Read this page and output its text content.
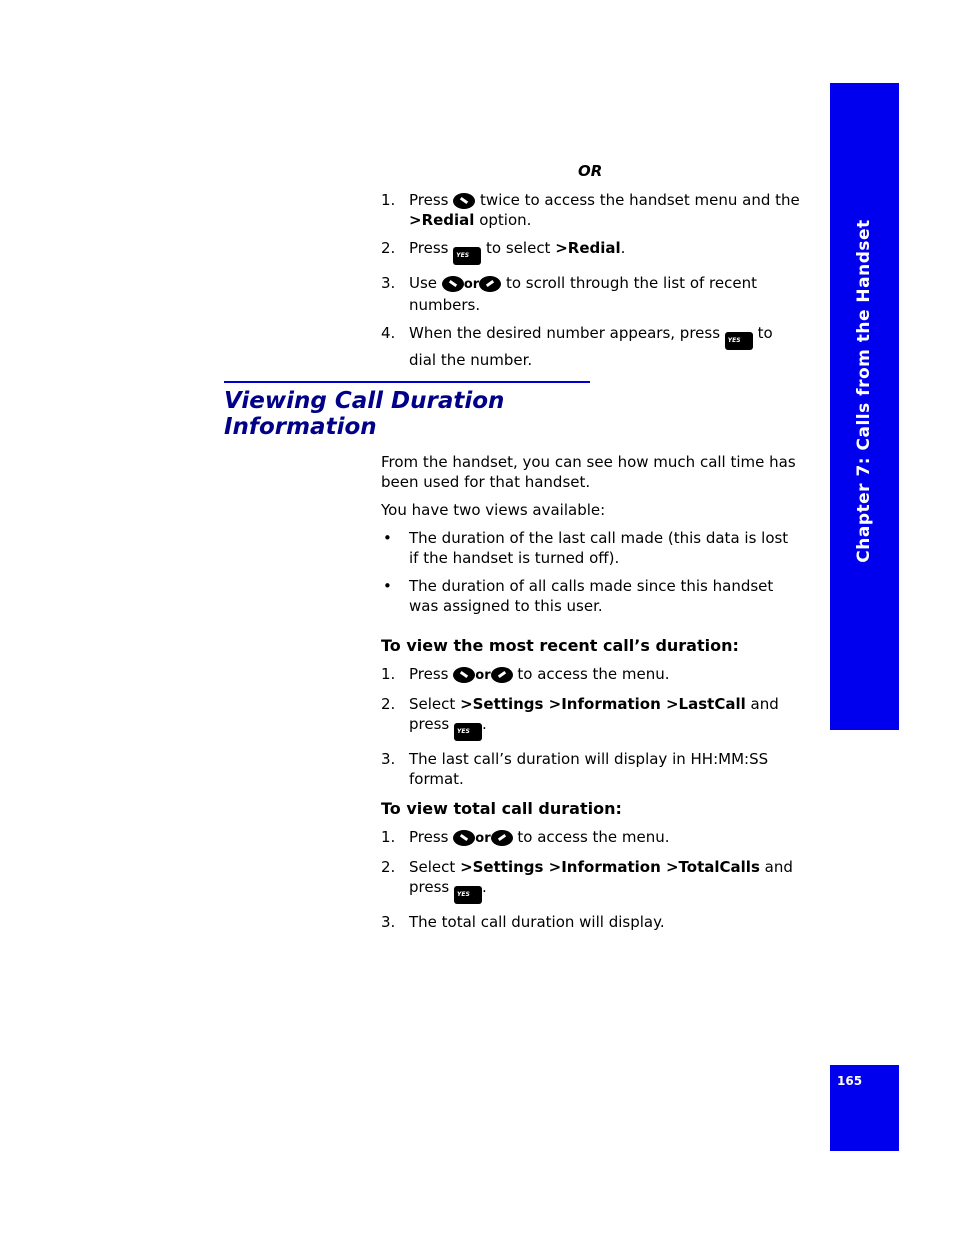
Chapter 7: Calls from the Handset
165
OR
1. Press twice to access the handset menu and the >Redial option.
2. Press YES to select >Redial.
3. Use or to scroll through the list of recent numbers.
4. When the desired number appears, press YES to dial the number.
Viewing Call Duration Information

From the handset, you can see how much call time has been used for that handset.

You have two views available:

• The duration of the last call made (this data is lost if the handset is turned off).
• The duration of all calls made since this handset was assigned to this user.
To view the most recent call’s duration:
1. Press or to access the menu.
2. Select >Settings >Information >LastCall and press YES .
3. The last call’s duration will display in HH:MM:SS format.
To view total call duration:
1. Press or to access the menu.
2. Select >Settings >Information >TotalCalls and press YES .
3. The total call duration will display.
